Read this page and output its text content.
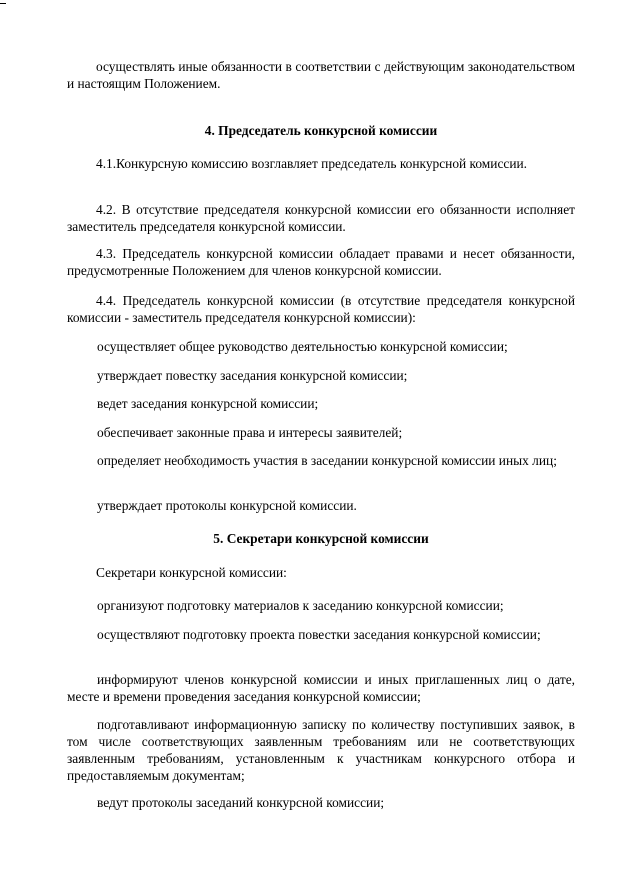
осуществлять иные обязанности в соответствии с действующим законодательством и настоящим Положением.

4. Председатель конкурсной комиссии

4.1.Конкурсную комиссию возглавляет председатель конкурсной комиссии.

4.2. В отсутствие председателя конкурсной комиссии его обязанности исполняет заместитель председателя конкурсной комиссии.

4.3. Председатель конкурсной комиссии обладает правами и несет обязанности, предусмотренные Положением для членов конкурсной комиссии.

4.4. Председатель конкурсной комиссии (в отсутствие председателя конкурсной комиссии - заместитель председателя конкурсной комиссии):

осуществляет общее руководство деятельностью конкурсной комиссии;

утверждает повестку заседания конкурсной комиссии;

ведет заседания конкурсной комиссии;

обеспечивает законные права и интересы заявителей;

определяет необходимость участия в заседании конкурсной комиссии иных лиц;

утверждает протоколы конкурсной комиссии.

5. Секретари конкурсной комиссии

Секретари конкурсной комиссии:

организуют подготовку материалов к заседанию конкурсной комиссии;

осуществляют подготовку проекта повестки заседания конкурсной комиссии;

информируют членов конкурсной комиссии и иных приглашенных лиц о дате, месте и времени проведения заседания конкурсной комиссии;

подготавливают информационную записку по количеству поступивших заявок, в том числе соответствующих заявленным требованиям или не соответствующих заявленным требованиям, установленным к участникам конкурсного отбора и предоставляемым документам;

ведут протоколы заседаний конкурсной комиссии;
